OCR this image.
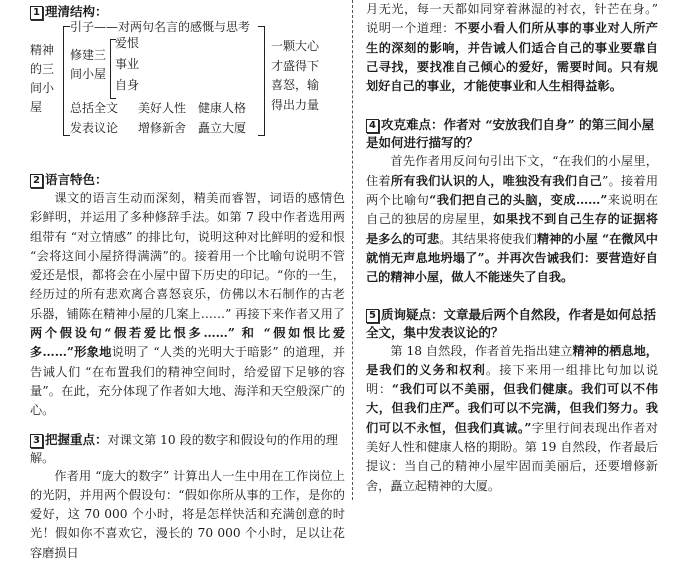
1 理清结构：

精神
的三
间小
屋
引子——对两句名言的感慨与思考
修建三
间小屋
爱恨
事业
自身
一颗大心
才盛得下
喜怒，输
得出力量
总括全文 美好人性 健康人格
发表议论 增修新舍 矗立大厦

2 语言特色：

课文的语言生动而深刻，精美而睿智，词语的感情色彩鲜明，并运用了多种修辞手法。如第 7 段中作者选用两组带有 “对立情感” 的排比句，说明这种对比鲜明的爱和恨 “会将这间小屋挤得满满”的。接着用一个比喻句说明不管爱还是恨，都将会在小屋中留下历史的印记。“你的一生，经历过的所有悲欢离合喜怒哀乐，仿佛以木石制作的古老乐器，铺陈在精神小屋的几案上……” 再接下来作者又用了两个假设句“假若爱比恨多……” 和 “假如恨比爱多……”形象地说明了 “人类的光明大于暗影” 的道理，并告诫人们 “在布置我们的精神空间时，给爱留下足够的容量”。在此，充分体现了作者如大地、海洋和天空般深广的心。

3 把握重点：对课文第 10 段的数字和假设句的作用的理解。

作者用 “庞大的数字” 计算出人一生中用在工作岗位上的光阴，并用两个假设句：“假如你所从事的工作，是你的爱好，这 70 000 个小时，将是怎样快活和充满创意的时光！假如你不喜欢它，漫长的 70 000 个小时，足以让花容磨损日

月无光，每一天都如同穿着淋湿的衬衣，针芒在身。” 说明一个道理：不要小看人们所从事的事业对人所产生的深刻的影响，并告诫人们适合自己的事业要靠自己寻找，要找准自己倾心的爱好，需要时间。只有规划好自己的事业，才能使事业和人生相得益彰。

4 攻克难点：作者对 “安放我们自身” 的第三间小屋是如何进行描写的？

首先作者用反问句引出下文，“在我们的小屋里，住着所有我们认识的人，唯独没有我们自己”。接着用两个比喻句“我们把自己的头脑，变成……”来说明在自己的独居的房屋里，如果找不到自己生存的证据将是多么的可悲。其结果将使我们精神的小屋 “在微风中就悄无声息地坍塌了”。并再次告诫我们：要营造好自己的精神小屋，做人不能迷失了自我。

5 质询疑点：文章最后两个自然段，作者是如何总括全文，集中发表议论的？

第 18 自然段，作者首先指出建立精神的栖息地，是我们的义务和权利。接下来用一组排比句加以说明：“我们可以不美丽，但我们健康。我们可以不伟大，但我们庄严。我们可以不完满，但我们努力。我们可以不永恒，但我们真诚。”字里行间表现出作者对美好人性和健康人格的期盼。第 19 自然段，作者最后提议：当自己的精神小屋牢固而美丽后，还要增修新舍，矗立起精神的大厦。
